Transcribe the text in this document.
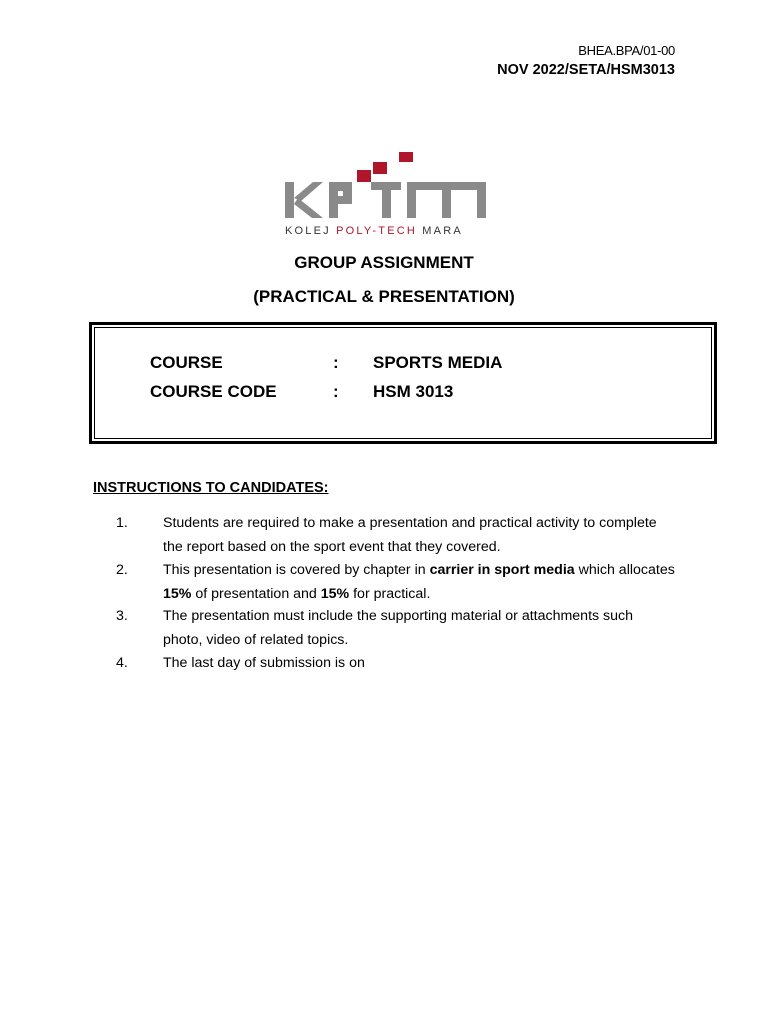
BHEA.BPA/01-00
NOV 2022/SETA/HSM3013
KOLEJ POLY-TECH MARA
GROUP ASSIGNMENT
(PRACTICAL & PRESENTATION)
COURSE	: SPORTS MEDIA
COURSE CODE	: HSM 3013
INSTRUCTIONS TO CANDIDATES:
1. Students are required to make a presentation and practical activity to complete
the report based on the sport event that they covered.
2. This presentation is covered by chapter in carrier in sport media which allocates
15% of presentation and 15% for practical.
3. The presentation must include the supporting material or attachments such
photo, video of related topics.
4. The last day of submission is on
